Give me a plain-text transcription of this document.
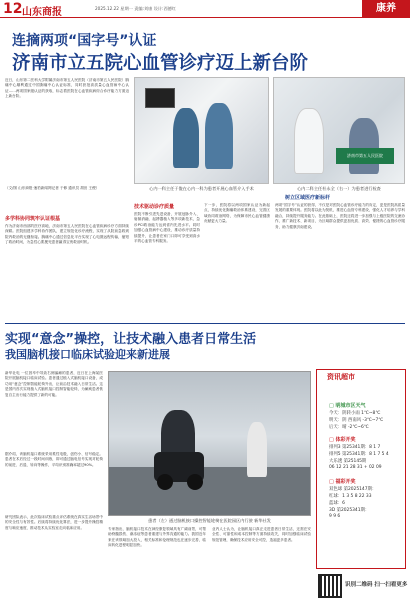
12 山东商报	2025.12.22 星期一 责编:刘康 设计:西德红	康养
连摘两项“国字号”认证
济南市立五院心血管诊疗迈上新台阶

近日，山东第二医科大学附属济南市第五人民医院（济南市第五人民医院）胸痛中心顺利通过中国胸痛中心认证标准，同时获批高质量心血管病中心认证……两项国家级认证的获取，标志着医院在心血管疾病综合诊疗能力方面迈上新台阶。

（文/图 山东商报·速豹新闻网记者 于修 通讯员 胡田 王俊）

多学科协同筑牢认证根基

作为济南市西部的医疗高地，济南市第五人民医院在心血管疾病诊疗方面持续深耕。医院组建多学科协作团队，建立规范化诊疗流程，实现了从院前急救到院内救治的无缝衔接。胸痛中心通过信息化平台实现了心电图远程传输，缩短了救治时间，为急性心肌梗死患者赢得宝贵救治时机。

心内一科主任于俊在心内一科为患者开展心血管介入手术
济南市第五人民医院
心内二科主任杜永全（右一）为患者进行检查
技术驱动诊疗质量

医院不断引进先进设备，开展冠脉介入、射频消融、起搏器植入等多项新技术，急诊PCI救治能力达到省内先进水平。同时加强心血管病中心建设，推动诊疗质量持续提升，让患者在家门口即可享受到高水平的心血管专科服务。

下一步，医院将以两项国家认证为新起点，持续优化胸痛救治体系建设，完善区域协同救治网络，为保障市民心血管健康贡献更大力量。

树立区域医疗新标杆

两项“国字号”认证的获得，不仅是对医院心血管诊疗能力的肯定，更是医院高质量发展的重要体现。医院将以此为契机，推进心血管专科建设，强化人才培养与学科融合，持续提升服务能力。在此基础上，医院还将进一步加强与上级医院的交流协作，推广新技术、新项目，为区域群众提供更加优质、高效、便捷的心血管诊疗服务，助力健康济南建设。

实现“意念”操控，让技术融入患者日常生活
我国脑机接口临床试验迎来新进展

新华社电 一位因卒中导致右侧偏瘫的患者，近日在上海某医院开展脑机接口临床试验。患者通过植入式脑机接口设备，成功用“意念”控制智能轮椅外出，让前沿技术融入日常生活。这是国内首次实现植入式脑机接口控制智能轮椅，为瘫痪患者恢复自主出行能力提供了新的可能。

据介绍，该脑机接口系统采用柔性电极，创伤小、信号稳定。患者在术后经过一段时间训练，即可通过脑电信号实现对轮椅的前进、后退、转向等操作，平均识别准确率超过90%。

研究团队表示，此次临床试验重点评估系统在真实生活场景中的安全性与有效性。后续将持续优化算法，进一步提升操控精度与响应速度，推动技术从实验室走向临床应用。

患者（左）通过脑机接口操控智能轮椅在医院园区内行驶 新华社发

专家指出，脑机接口技术在神经康复领域具有广阔前景，可帮助脊髓损伤、渐冻症等患者重建与外界沟通的能力。我国近年来在该领域加大投入，相关标准和伦理规范也在逐步完善，临床转化进程明显加快。

业内人士认为，让脑机接口真正走进患者日常生活，还需在安全性、可靠性和成本控制等方面持续攻关，同时加强临床试验规范管理，确保技术应用安全可控，造福更多患者。

资讯超市
□ 明城市区天气
今天：阴转小雨 1℃~8℃
明天：阴 西南风 -3℃~7℃
后天：晴 -2℃~6℃
□ 体彩开奖
排列3 第25341期：8 1 7
排列5 第25341期：8 1 7 5 4
大乐透 第25145期
06 12 21 28 31 + 02 09
□ 福彩开奖
双色球 第2025147期：
红球：1 3 5 8 22 33
蓝球：6
3D 第2025341期：
9 9 6
识别二维码 扫一扫看更多
